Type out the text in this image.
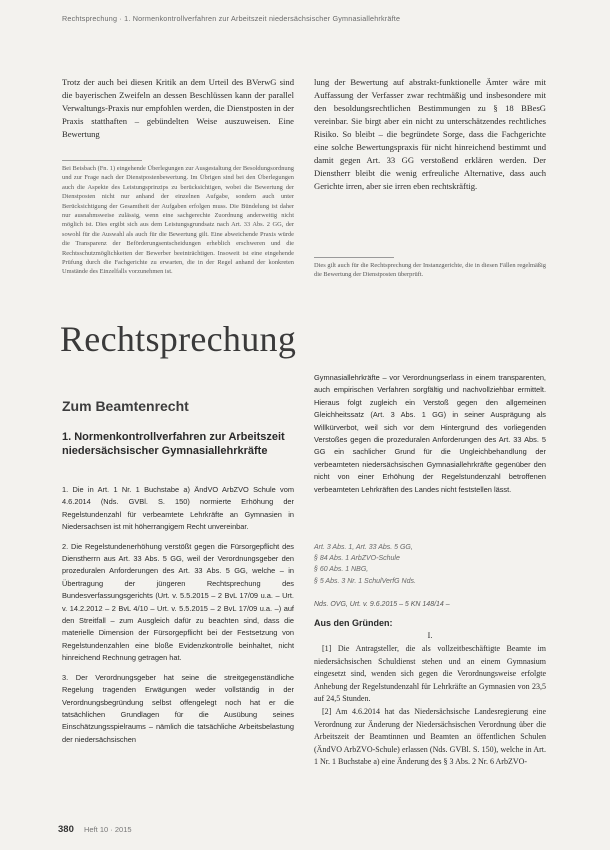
Rechtsprechung · 1. Normenkontrollverfahren zur Arbeitszeit niedersächsischer Gymnasiallehrkräfte

Trotz der auch bei diesen Kritik an dem Urteil des BVerwG sind die bayerischen Zweifeln an dessen Beschlüssen kann der parallel Verwaltungs-Praxis nur empfohlen werden, die Dienstposten in der Praxis statthaften – gebündelten Weise auszuweisen. Eine Bewertung

lung der Bewertung auf abstrakt-funktionelle Ämter wäre mit Auffassung der Verfasser zwar rechtmäßig und insbesondere mit den besoldungsrechtlichen Bestimmungen zu § 18 BBesG vereinbar. Sie birgt aber ein nicht zu unterschätzendes rechtliches Risiko. So bleibt – die begründete Sorge, dass die Fachgerichte eine solche Bewertungspraxis für nicht hinreichend bestimmt und damit gegen Art. 33 GG verstoßend erklären werden. Der Dienstherr bleibt die wenig erfreuliche Alternative, dass auch Gerichte irren, aber sie irren eben rechtskräftig.

Bei Beisbach (Fn. 1) eingehende Überlegungen zur Ausgestaltung der Besoldungsordnung und zur Frage nach der Dienstpostenbewertung. Im Übrigen sind bei den Überlegungen auch die Aspekte des Leistungsprinzips zu berücksichtigen, wobei die Bewertung der Dienstposten nicht nur anhand der einzelnen Aufgabe, sondern auch unter Berücksichtigung der Gesamtheit der Aufgaben erfolgen muss. Die Bündelung ist daher nur ausnahmsweise zulässig, wenn eine sachgerechte Zuordnung anderweitig nicht möglich ist. Dies ergibt sich aus dem Leistungsgrundsatz nach Art. 33 Abs. 2 GG, der sowohl für die Auswahl als auch für die Bewertung gilt. Eine abweichende Praxis würde die Transparenz der Beförderungsentscheidungen erheblich erschweren und die Rechtsschutzmöglichkeiten der Bewerber beeinträchtigen. Insoweit ist eine eingehende Prüfung durch die Fachgerichte zu erwarten, die in der Regel anhand der konkreten Umstände des Einzelfalls vorzunehmen ist.

Dies gilt auch für die Rechtsprechung der Instanzgerichte, die in diesen Fällen regelmäßig die Bewertung der Dienstposten überprüft.

Rechtsprechung
Zum Beamtenrecht
1. Normenkontrollverfahren zur Arbeitszeit niedersächsischer Gymnasiallehrkräfte

1. Die in Art. 1 Nr. 1 Buchstabe a) ÄndVO ArbZVO Schule vom 4.6.2014 (Nds. GVBl. S. 150) normierte Erhöhung der Regelstundenzahl für verbeamtete Lehrkräfte an Gymnasien in Niedersachsen ist mit höherrangigem Recht unvereinbar.

2. Die Regelstundenerhöhung verstößt gegen die Fürsorgepflicht des Dienstherrn aus Art. 33 Abs. 5 GG, weil der Verordnungsgeber den prozeduralen Anforderungen des Art. 33 Abs. 5 GG, welche – in Übertragung der jüngeren Rechtsprechung des Bundesverfassungsgerichts (Urt. v. 5.5.2015 – 2 BvL 17/09 u.a. – Urt. v. 14.2.2012 – 2 BvL 4/10 – Urt. v. 5.5.2015 – 2 BvL 17/09 u.a. –) auf den Streitfall – zum Ausgleich dafür zu beachten sind, dass die materielle Dimension der Fürsorgepflicht bei der Festsetzung von Regelstundenzahlen eine bloße Evidenzkontrolle beinhaltet, nicht hinreichend Rechnung getragen hat.

3. Der Verordnungsgeber hat seine die streitgegenständliche Regelung tragenden Erwägungen weder vollständig in der Verordnungsbegründung selbst offengelegt noch hat er die tatsächlichen Grundlagen für die Ausübung seines Einschätzungsspielraums – nämlich die tatsächliche Arbeitsbelastung der niedersächsischen

Gymnasiallehrkräfte – vor Verordnungserlass in einem transparenten, auch empirischen Verfahren sorgfältig und nachvollziehbar ermittelt. Hieraus folgt zugleich ein Verstoß gegen den allgemeinen Gleichheitssatz (Art. 3 Abs. 1 GG) in seiner Ausprägung als Willkürverbot, weil sich vor dem Hintergrund des vorliegenden Verstoßes gegen die prozeduralen Anforderungen des Art. 33 Abs. 5 GG ein sachlicher Grund für die Ungleichbehandlung der verbeamteten niedersächsischen Gymnasiallehrkräfte gegenüber den nicht von einer Erhöhung der Regelstundenzahl betroffenen verbeamteten Lehrkräften des Landes nicht feststellen lässt.

Art. 3 Abs. 1, Art. 33 Abs. 5 GG,
§ 84 Abs. 1 ArbZVO-Schule
§ 60 Abs. 1 NBG,
§ 5 Abs. 3 Nr. 1 SchulVerfG Nds.
Nds. OVG, Urt. v. 9.6.2015 – 5 KN 148/14 –
Aus den Gründen:
I.

[1] Die Antragsteller, die als vollzeitbeschäftigte Beamte im niedersächsischen Schuldienst stehen und an einem Gymnasium eingesetzt sind, wenden sich gegen die Verordnungsweise erfolgte Anhebung der Regelstundenzahl für Lehrkräfte an Gymnasien von 23,5 auf 24,5 Stunden.

[2] Am 4.6.2014 hat das Niedersächsische Landesregierung eine Verordnung zur Änderung der Niedersächsischen Verordnung über die Arbeitszeit der Beamtinnen und Beamten an öffentlichen Schulen (ÄndVO ArbZVO-Schule) erlassen (Nds. GVBl. S. 150), welche in Art. 1 Nr. 1 Buchstabe a) eine Änderung des § 3 Abs. 2 Nr. 6 ArbZVO-

380 Heft 10 · 2015
